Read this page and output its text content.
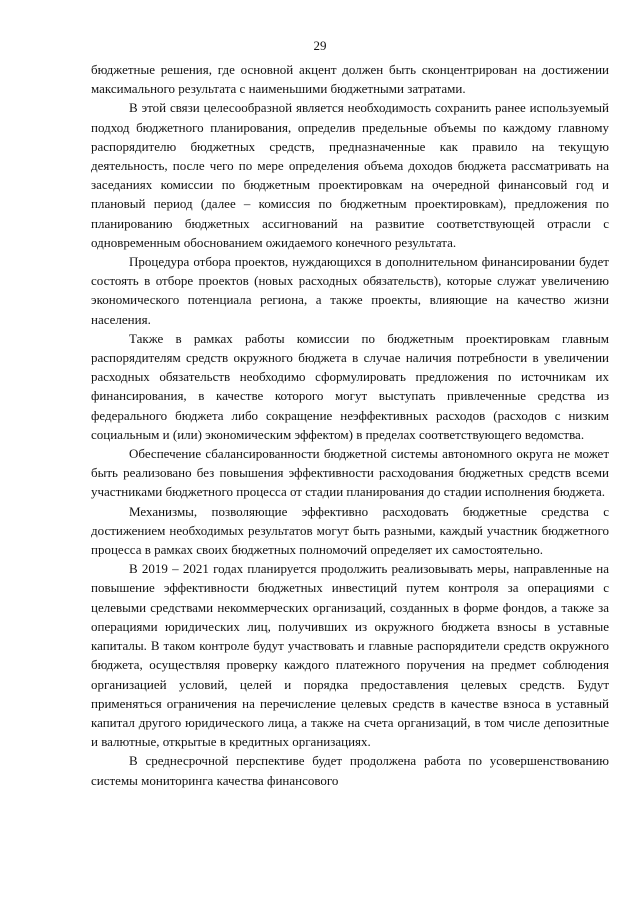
29

бюджетные решения, где основной акцент должен быть сконцентрирован на достижении максимального результата с наименьшими бюджетными затратами.

В этой связи целесообразной является необходимость сохранить ранее используемый подход бюджетного планирования, определив предельные объемы по каждому главному распорядителю бюджетных средств, предназначенные как правило на текущую деятельность, после чего по мере определения объема доходов бюджета рассматривать на заседаниях комиссии по бюджетным проектировкам на очередной финансовый год и плановый период (далее – комиссия по бюджетным проектировкам), предложения по планированию бюджетных ассигнований на развитие соответствующей отрасли с одновременным обоснованием ожидаемого конечного результата.

Процедура отбора проектов, нуждающихся в дополнительном финансировании будет состоять в отборе проектов (новых расходных обязательств), которые служат увеличению экономического потенциала региона, а также проекты, влияющие на качество жизни населения.

Также в рамках работы комиссии по бюджетным проектировкам главным распорядителям средств окружного бюджета в случае наличия потребности в увеличении расходных обязательств необходимо сформулировать предложения по источникам их финансирования, в качестве которого могут выступать привлеченные средства из федерального бюджета либо сокращение неэффективных расходов (расходов с низким социальным и (или) экономическим эффектом) в пределах соответствующего ведомства.

Обеспечение сбалансированности бюджетной системы автономного округа не может быть реализовано без повышения эффективности расходования бюджетных средств всеми участниками бюджетного процесса от стадии планирования до стадии исполнения бюджета.

Механизмы, позволяющие эффективно расходовать бюджетные средства с достижением необходимых результатов могут быть разными, каждый участник бюджетного процесса в рамках своих бюджетных полномочий определяет их самостоятельно.

В 2019 – 2021 годах планируется продолжить реализовывать меры, направленные на повышение эффективности бюджетных инвестиций путем контроля за операциями с целевыми средствами некоммерческих организаций, созданных в форме фондов, а также за операциями юридических лиц, получивших из окружного бюджета взносы в уставные капиталы. В таком контроле будут участвовать и главные распорядители средств окружного бюджета, осуществляя проверку каждого платежного поручения на предмет соблюдения организацией условий, целей и порядка предоставления целевых средств. Будут применяться ограничения на перечисление целевых средств в качестве взноса в уставный капитал другого юридического лица, а также на счета организаций, в том числе депозитные и валютные, открытые в кредитных организациях.

В среднесрочной перспективе будет продолжена работа по усовершенствованию системы мониторинга качества финансового
